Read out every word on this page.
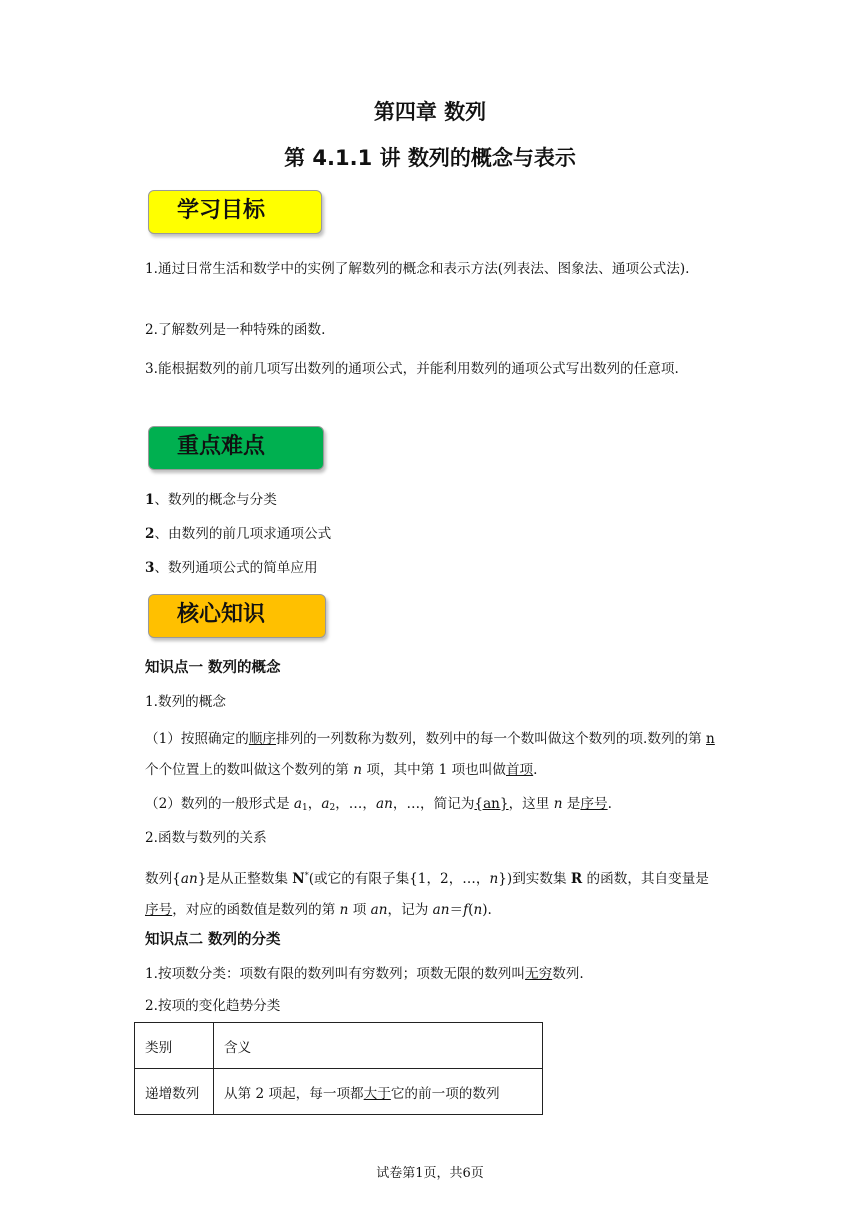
第四章 数列
第 4.1.1 讲 数列的概念与表示
学习目标
1.通过日常生活和数学中的实例了解数列的概念和表示方法(列表法、图象法、通项公式法).
2.了解数列是一种特殊的函数.
3.能根据数列的前几项写出数列的通项公式，并能利用数列的通项公式写出数列的任意项.
重点难点
1、数列的概念与分类
2、由数列的前几项求通项公式
3、数列通项公式的简单应用
核心知识
知识点一 数列的概念
1.数列的概念
（1）按照确定的顺序排列的一列数称为数列，数列中的每一个数叫做这个数列的项.数列的第 n 个个位置上的数叫做这个数列的第 n 项，其中第 1 项也叫做首项.
（2）数列的一般形式是 $a_1$，$a_2$，…，an，…，简记为{an}，这里 n 是序号.
2.函数与数列的关系
数列{an}是从正整数集 N*(或它的有限子集{1，2，…，n})到实数集 R 的函数，其自变量是序号，对应的函数值是数列的第 n 项 an，记为 an＝f(n).
知识点二 数列的分类
1.按项数分类：项数有限的数列叫有穷数列；项数无限的数列叫无穷数列.
2.按项的变化趋势分类
类别	含义
递增数列	从第 2 项起，每一项都大于它的前一项的数列
试卷第1页，共6页
